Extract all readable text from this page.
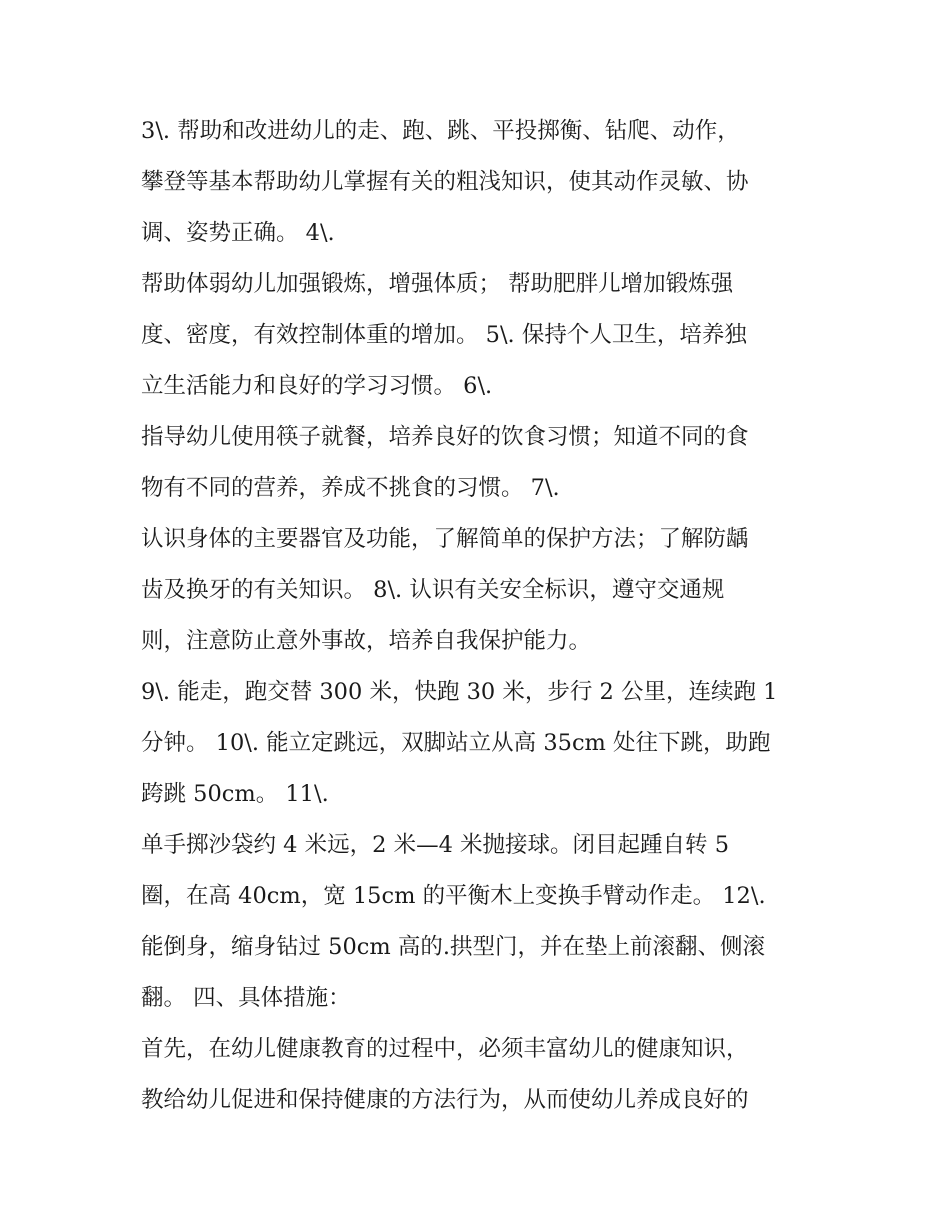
3\. 帮助和改进幼儿的走、跑、跳、平投掷衡、钻爬、动作，
攀登等基本帮助幼儿掌握有关的粗浅知识，使其动作灵敏、协
调、姿势正确。 4\.
帮助体弱幼儿加强锻炼，增强体质； 帮助肥胖儿增加锻炼强
度、密度，有效控制体重的增加。 5\. 保持个人卫生，培养独
立生活能力和良好的学习习惯。 6\.
指导幼儿使用筷子就餐，培养良好的饮食习惯；知道不同的食
物有不同的营养，养成不挑食的习惯。 7\.
认识身体的主要器官及功能，了解简单的保护方法；了解防龋
齿及换牙的有关知识。 8\. 认识有关安全标识，遵守交通规
则，注意防止意外事故，培养自我保护能力。
9\. 能走，跑交替 300 米，快跑 30 米，步行 2 公里，连续跑 1
分钟。 10\. 能立定跳远，双脚站立从高 35cm 处往下跳，助跑
跨跳 50cm。 11\.
单手掷沙袋约 4 米远，2 米—4 米抛接球。闭目起踵自转 5
圈，在高 40cm，宽 15cm 的平衡木上变换手臂动作走。 12\.
能倒身，缩身钻过 50cm 高的.拱型门，并在垫上前滚翻、侧滚
翻。 四、具体措施：
首先，在幼儿健康教育的过程中，必须丰富幼儿的健康知识，
教给幼儿促进和保持健康的方法行为，从而使幼儿养成良好的
